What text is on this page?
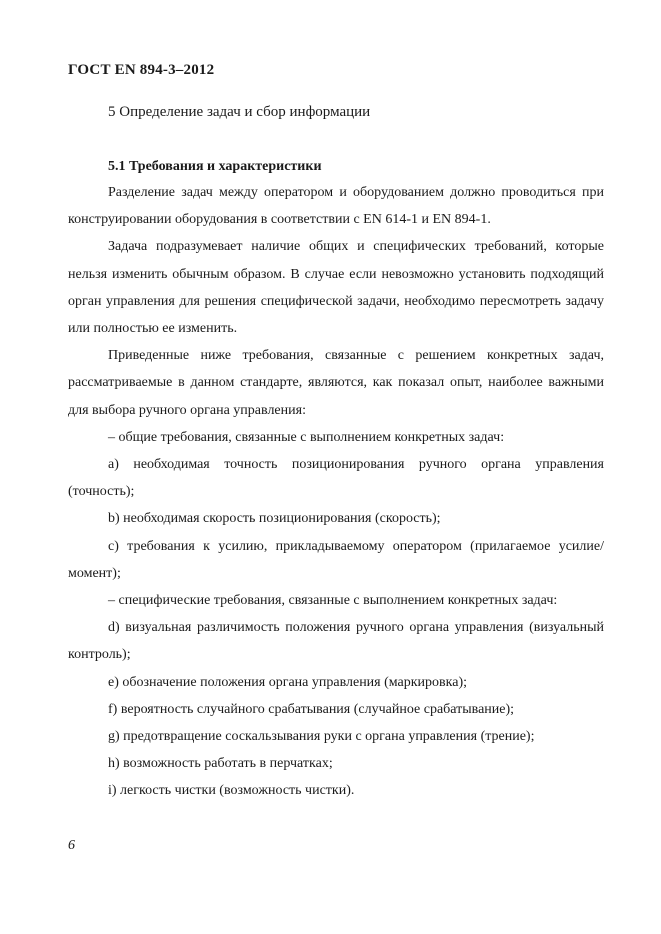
ГОСТ EN 894-3–2012
5 Определение задач и сбор информации
5.1 Требования и характеристики

Разделение задач между оператором и оборудованием должно проводиться при конструировании оборудования в соответствии с EN 614-1 и EN 894-1.

Задача подразумевает наличие общих и специфических требований, которые нельзя изменить обычным образом. В случае если невозможно установить подходящий орган управления для решения специфической задачи, необходимо пересмотреть задачу или полностью ее изменить.

Приведенные ниже требования, связанные с решением конкретных задач, рассматриваемые в данном стандарте, являются, как показал опыт, наиболее важными для выбора ручного органа управления:

– общие требования, связанные с выполнением конкретных задач:

a) необходимая точность позиционирования ручного органа управления (точность);

b) необходимая скорость позиционирования (скорость);

c) требования к усилию, прикладываемому оператором (прилагаемое усилие/момент);

– специфические требования, связанные с выполнением конкретных задач:

d) визуальная различимость положения ручного органа управления (визуальный контроль);

e) обозначение положения органа управления (маркировка);

f) вероятность случайного срабатывания (случайное срабатывание);

g) предотвращение соскальзывания руки с органа управления (трение);

h) возможность работать в перчатках;

i) легкость чистки (возможность чистки).

6
